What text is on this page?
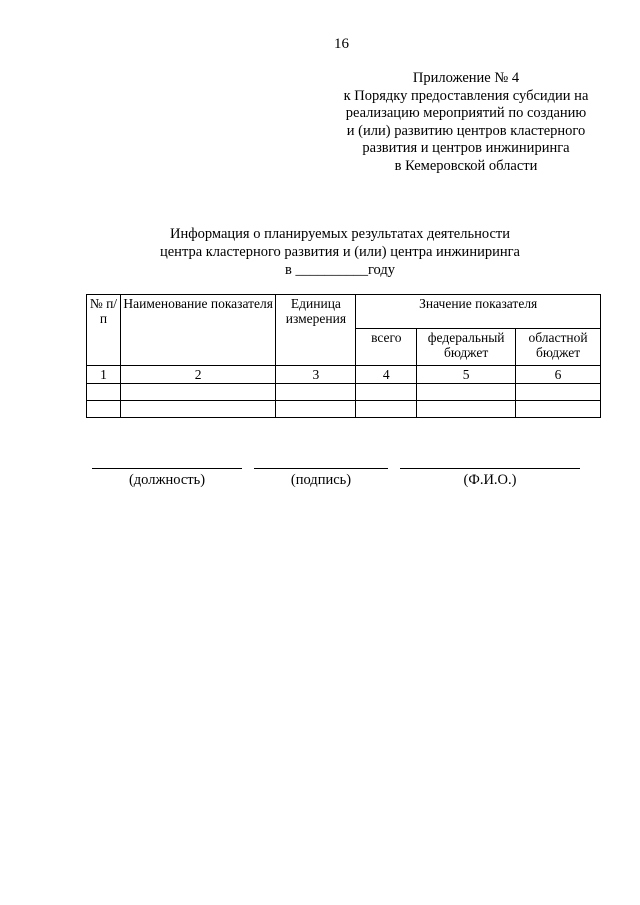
16
Приложение № 4
к Порядку предоставления субсидии на
реализацию мероприятий по созданию
и (или) развитию центров кластерного
развития и центров инжиниринга
в Кемеровской области
Информация о планируемых результатах деятельности
центра кластерного развития и (или) центра инжиниринга
в __________году
№ п/п	Наименование показателя	Единица измерения	Значение показателя		
			всего	федеральный бюджет	областной бюджет
1	2	3	4	5	6

(должность)	(подпись)	(Ф.И.О.)
